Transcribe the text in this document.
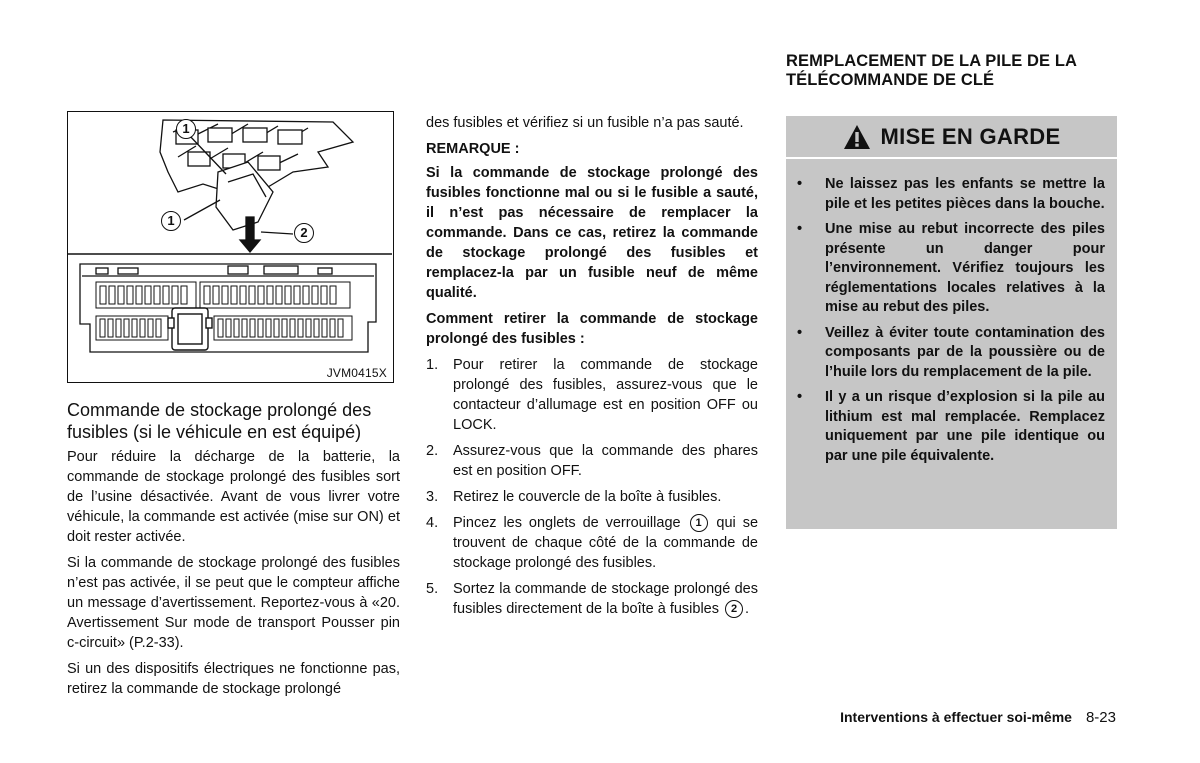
1
1
2
JVM0415X
Commande de stockage prolongé des fusibles (si le véhicule en est équipé)

Pour réduire la décharge de la batterie, la commande de stockage prolongé des fusibles sort de l’usine désactivée. Avant de vous livrer votre véhicule, la commande est activée (mise sur ON) et doit rester activée.

Si la commande de stockage prolongé des fusibles n’est pas activée, il se peut que le compteur affiche un message d’avertissement. Reportez-vous à «20. Avertissement Sur mode de transport Pousser pin c-circuit» (P.2-33).

Si un des dispositifs électriques ne fonctionne pas, retirez la commande de stockage prolongé

des fusibles et vérifiez si un fusible n’a pas sauté.

REMARQUE :

Si la commande de stockage prolongé des fusibles fonctionne mal ou si le fusible a sauté, il n’est pas nécessaire de remplacer la commande. Dans ce cas, retirez la commande de stockage prolongé des fusibles et remplacez-la par un fusible neuf de même qualité.

Comment retirer la commande de stockage prolongé des fusibles :

1. Pour retirer la commande de stockage prolongé des fusibles, assurez-vous que le contacteur d’allumage est en position OFF ou LOCK.
2. Assurez-vous que la commande des phares est en position OFF.
3. Retirez le couvercle de la boîte à fusibles.
4. Pincez les onglets de verrouillage 1 qui se trouvent de chaque côté de la commande de stockage prolongé des fusibles.
5. Sortez la commande de stockage prolongé des fusibles directement de la boîte à fusibles 2 .
REMPLACEMENT DE LA PILE DE LA TÉLÉCOMMANDE DE CLÉ
MISE EN GARDE
• Ne laissez pas les enfants se mettre la pile et les petites pièces dans la bouche.
• Une mise au rebut incorrecte des piles présente un danger pour l’environnement. Vérifiez toujours les réglementations locales relatives à la mise au rebut des piles.
• Veillez à éviter toute contamination des composants par de la poussière ou de l’huile lors du remplacement de la pile.
• Il y a un risque d’explosion si la pile au lithium est mal remplacée. Remplacez uniquement par une pile identique ou par une pile équivalente.
Interventions à effectuer soi-même 8-23
